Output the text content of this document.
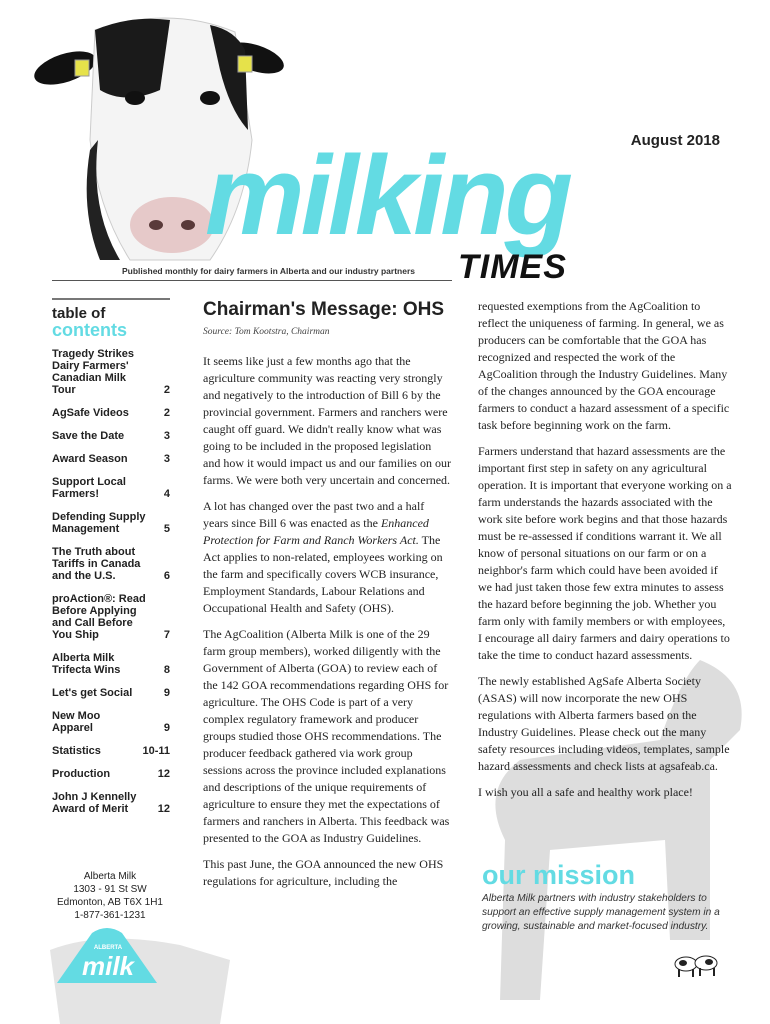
August 2018
milking
TIMES
Published monthly for dairy farmers in Alberta and our industry partners
table of
contents
Tragedy Strikes
Dairy Farmers'
Canadian Milk
Tour	2
AgSafe Videos	2
Save the Date	3
Award Season	3
Support Local
Farmers!	4
Defending Supply
Management	5
The Truth about
Tariffs in Canada
and the U.S.	6
proAction®: Read
Before Applying
and Call Before
You Ship	7
Alberta Milk
Trifecta Wins	8
Let's get Social	9
New Moo
Apparel	9
Statistics	10-11
Production	12
John J Kennelly
Award of Merit	12
Alberta Milk
1303 - 91 St SW
Edmonton, AB T6X 1H1
1-877-361-1231
ALBERTA
milk
Chairman's Message: OHS
Source: Tom Kootstra, Chairman

It seems like just a few months ago that the agriculture community was reacting very strongly and negatively to the introduction of Bill 6 by the provincial government. Farmers and ranchers were caught off guard. We didn't really know what was going to be included in the proposed legislation and how it would impact us and our families on our farms. We were both very uncertain and concerned.

A lot has changed over the past two and a half years since Bill 6 was enacted as the Enhanced Protection for Farm and Ranch Workers Act. The Act applies to non-related, employees working on the farm and specifically covers WCB insurance, Employment Standards, Labour Relations and Occupational Health and Safety (OHS).

The AgCoalition (Alberta Milk is one of the 29 farm group members), worked diligently with the Government of Alberta (GOA) to review each of the 142 GOA recommendations regarding OHS for agriculture. The OHS Code is part of a very complex regulatory framework and producer groups studied those OHS recommendations. The producer feedback gathered via work group sessions across the province included explanations and descriptions of the unique requirements of agriculture to ensure they met the expectations of farmers and ranchers in Alberta. This feedback was presented to the GOA as Industry Guidelines.

This past June, the GOA announced the new OHS regulations for agriculture, including the

requested exemptions from the AgCoalition to reflect the uniqueness of farming. In general, we as producers can be comfortable that the GOA has recognized and respected the work of the AgCoalition through the Industry Guidelines. Many of the changes announced by the GOA encourage farmers to conduct a hazard assessment of a specific task before beginning work on the farm.

Farmers understand that hazard assessments are the important first step in safety on any agricultural operation. It is important that everyone working on a farm understands the hazards associated with the work site before work begins and that those hazards must be re-assessed if conditions warrant it. We all know of personal situations on our farm or on a neighbor's farm which could have been avoided if we had just taken those few extra minutes to assess the hazard before beginning the job. Whether you farm only with family members or with employees, I encourage all dairy farmers and dairy operations to take the time to conduct hazard assessments.

The newly established AgSafe Alberta Society (ASAS) will now incorporate the new OHS regulations with Alberta farmers based on the Industry Guidelines. Please check out the many safety resources including videos, templates, sample hazard assessments and check lists at agsafeab.ca.

I wish you all a safe and healthy work place!

our mission
Alberta Milk partners with industry stakeholders to support an effective supply management system in a growing, sustainable and market-focused industry.
